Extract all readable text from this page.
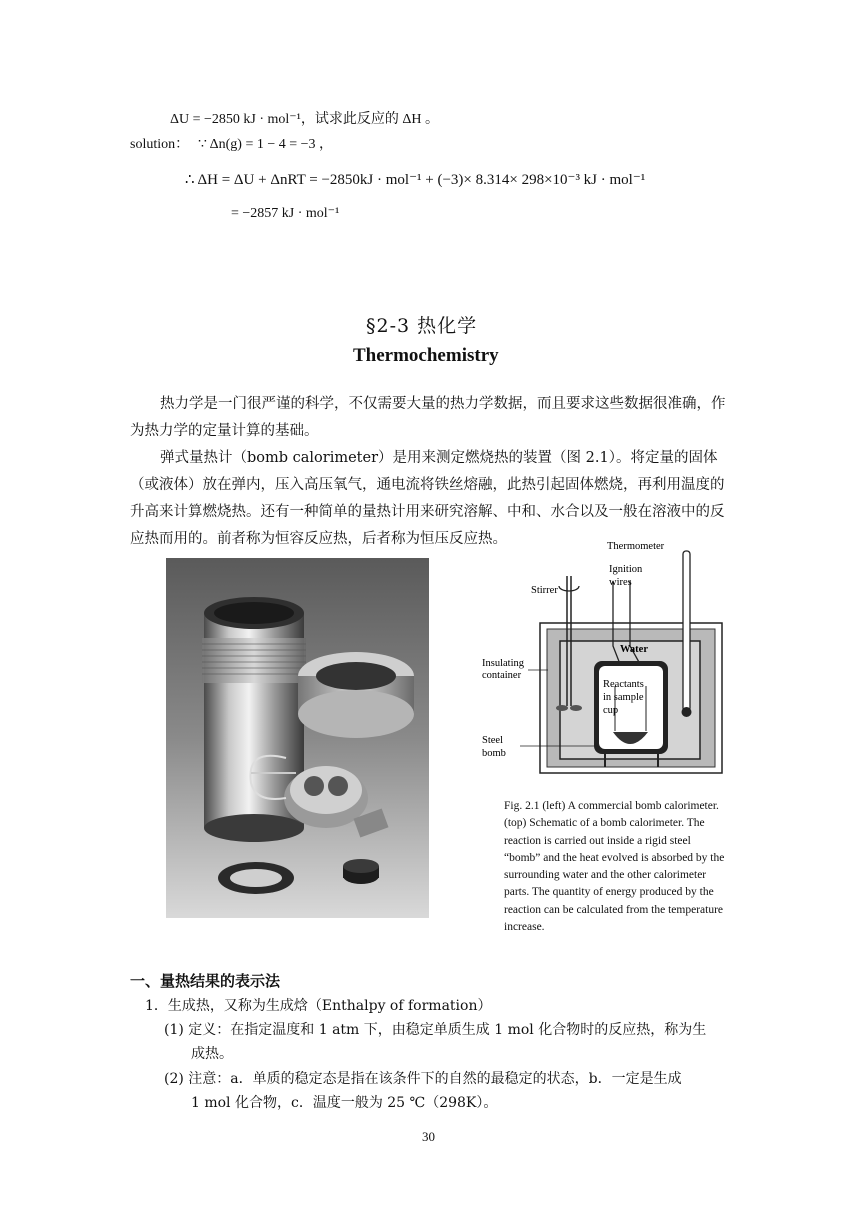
ΔU = −2850 kJ · mol⁻¹，试求此反应的 ΔH 。
solution： ∵ Δn(g) = 1 − 4 = −3 ，
∴ ΔH = ΔU + ΔnRT = −2850kJ · mol⁻¹ + (−3)× 8.314× 298×10⁻³ kJ · mol⁻¹
= −2857 kJ · mol⁻¹
§2-3 热化学
Thermochemistry

热力学是一门很严谨的科学，不仅需要大量的热力学数据，而且要求这些数据很准确，作为热力学的定量计算的基础。

弹式量热计（bomb calorimeter）是用来测定燃烧热的装置（图 2.1）。将定量的固体（或液体）放在弹内，压入高压氧气，通电流将铁丝熔融，此热引起固体燃烧，再利用温度的升高来计算燃烧热。还有一种简单的量热计用来研究溶解、中和、水合以及一般在溶液中的反应热而用的。前者称为恒容反应热，后者称为恒压反应热。	Thermometer
Ignition
wires
Stirrer
Water
Insulating
container
Reactants
in sample
cup
Steel
bomb
Fig. 2.1 (left) A commercial bomb calorimeter. (top) Schematic of a bomb calorimeter. The reaction is carried out inside a rigid steel “bomb” and the heat evolved is absorbed by the surrounding water and the other calorimeter parts. The quantity of energy produced by the reaction can be calculated from the temperature increase.
一、量热结果的表示法
1．生成热，又称为生成焓（Enthalpy of formation）
(1) 定义：在指定温度和 1 atm 下，由稳定单质生成 1 mol 化合物时的反应热，称为生
成热。
(2) 注意：a．单质的稳定态是指在该条件下的自然的最稳定的状态，b．一定是生成
1 mol 化合物，c．温度一般为 25 ℃（298K）。
30
